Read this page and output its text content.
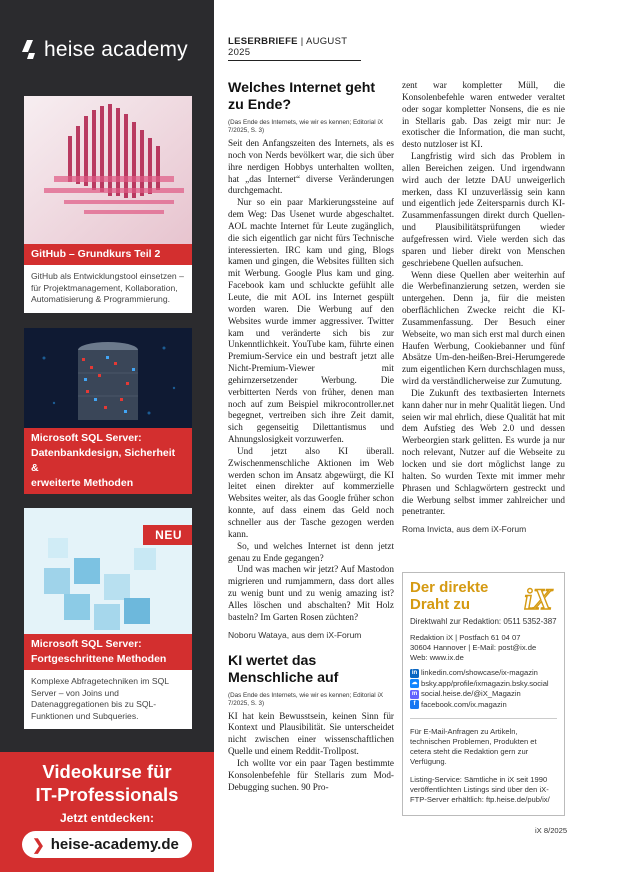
heise academy
GitHub – Grundkurs Teil 2
GitHub als Entwicklungstool einsetzen – für Projektmanagement, Kollaboration, Automatisierung & Programmierung.
Microsoft SQL Server:
Datenbankdesign, Sicherheit &
erweiterte Methoden
NEU
Microsoft SQL Server:
Fortgeschrittene Methoden
Komplexe Abfragetechniken im SQL Server – von Joins und Datenaggregationen bis zu SQL-Funktionen und Subqueries.
Videokurse für
IT-Professionals
Jetzt entdecken:
❯ heise-academy.de
LESERBRIEFE | AUGUST 2025
Welches Internet geht zu Ende?
(Das Ende des Internets, wie wir es kennen; Editorial iX 7/2025, S. 3)

Seit den Anfangszeiten des Internets, als es noch von Nerds bevölkert war, die sich über ihre nerdigen Hobbys unterhalten wollten, hat „das Internet“ diverse Veränderungen durchgemacht.

Nur so ein paar Markierungssteine auf dem Weg: Das Usenet wurde abgeschaltet. AOL machte Internet für Leute zugänglich, die sich eigentlich gar nicht fürs Technische interessierten. IRC kam und ging, Blogs kamen und gingen, die Websites füllten sich mit Werbung. Google Plus kam und ging. Facebook kam und schluckte gefühlt alle Leute, die mit AOL ins Internet gespült worden waren. Die Werbung auf den Websites wurde immer aggressiver. Twitter kam und veränderte sich bis zur Unkenntlichkeit. YouTube kam, führte einen Premium-Service ein und bestraft jetzt alle Nicht-Premium-Viewer mit gehirnzersetzender Werbung. Die verbitterten Nerds von früher, denen man noch auf zum Beispiel mikrocontroller.net begegnet, vertreiben sich ihre Zeit damit, sich gegenseitig Dilettantismus und Ahnungslosigkeit vorzuwerfen.

Und jetzt also KI überall. Zwischenmenschliche Aktionen im Web werden schon im Ansatz abgewürgt, die KI leitet einen direkter auf kommerzielle Websites weiter, als das Google früher schon konnte, auf dass einem das Geld noch schneller aus der Tasche gezogen werden kann.

So, und welches Internet ist denn jetzt genau zu Ende gegangen?

Und was machen wir jetzt? Auf Mastodon migrieren und rumjammern, dass dort alles zu wenig bunt und zu wenig amazing ist? Alles löschen und abschalten? Mit Holz basteln? Im Garten Rosen züchten?

Noboru Wataya, aus dem iX-Forum
KI wertet das Menschliche auf
(Das Ende des Internets, wie wir es kennen; Editorial iX 7/2025, S. 3)

KI hat kein Bewusstsein, keinen Sinn für Kontext und Plausibilität. Sie unterscheidet nicht zwischen einer wissenschaftlichen Quelle und einem Reddit-Trollpost.

Ich wollte vor ein paar Tagen bestimmte Konsolenbefehle für Stellaris zum Mod-Debugging suchen. 90 Pro-

zent war kompletter Müll, die Konsolenbefehle waren entweder veraltet oder sogar kompletter Nonsens, die es nie in Stellaris gab. Das zeigt mir nur: Je exotischer die Information, die man sucht, desto nutzloser ist KI.

Langfristig wird sich das Problem in allen Bereichen zeigen. Und irgendwann wird auch der letzte DAU unweigerlich merken, dass KI unzuverlässig sein kann und eigentlich jede Zeitersparnis durch KI-Zusammenfassungen direkt durch Quellen- und Plausibilitätsprüfungen wieder aufgefressen wird. Viele werden sich das sparen und lieber direkt von Menschen geschriebene Quellen aufsuchen.

Wenn diese Quellen aber weiterhin auf die Werbefinanzierung setzen, werden sie untergehen. Denn ja, für die meisten oberflächlichen Zwecke reicht die KI-Zusammenfassung. Der Besuch einer Webseite, wo man sich erst mal durch einen Haufen Werbung, Cookiebanner und fünf Absätze Um-den-heißen-Brei-Herumgerede zum eigentlichen Kern durchschlagen muss, wird da verständlicherweise zur Zumutung.

Die Zukunft des textbasierten Internets kann daher nur in mehr Qualität liegen. Und seien wir mal ehrlich, diese Qualität hat mit dem Aufstieg des Web 2.0 und dessen Werbeorgien stark gelitten. Es wurde ja nur noch relevant, Nutzer auf die Webseite zu locken und sie dort möglichst lange zu halten. So wurden Texte mit immer mehr Phrasen und Schlagwörtern gestreckt und die Werbung selbst immer zahlreicher und penetranter.

Roma Invicta, aus dem iX-Forum
Der direkte Draht zu	iX
Direktwahl zur Redaktion: 0511 5352-387
Redaktion iX | Postfach 61 04 07
30604 Hannover | E-Mail: post@ix.de
Web: www.ix.de
in linkedin.com/showcase/ix-magazin
☁ bsky.app/profile/ixmagazin.bsky.social
m social.heise.de/@iX_Magazin
f facebook.com/ix.magazin
Für E-Mail-Anfragen zu Artikeln, technischen Problemen, Produkten et cetera steht die Redaktion gern zur Verfügung.
Listing-Service: Sämtliche in iX seit 1990 veröffentlichten Listings sind über den iX-FTP-Server erhältlich: ftp.heise.de/pub/ix/
iX 8/2025
